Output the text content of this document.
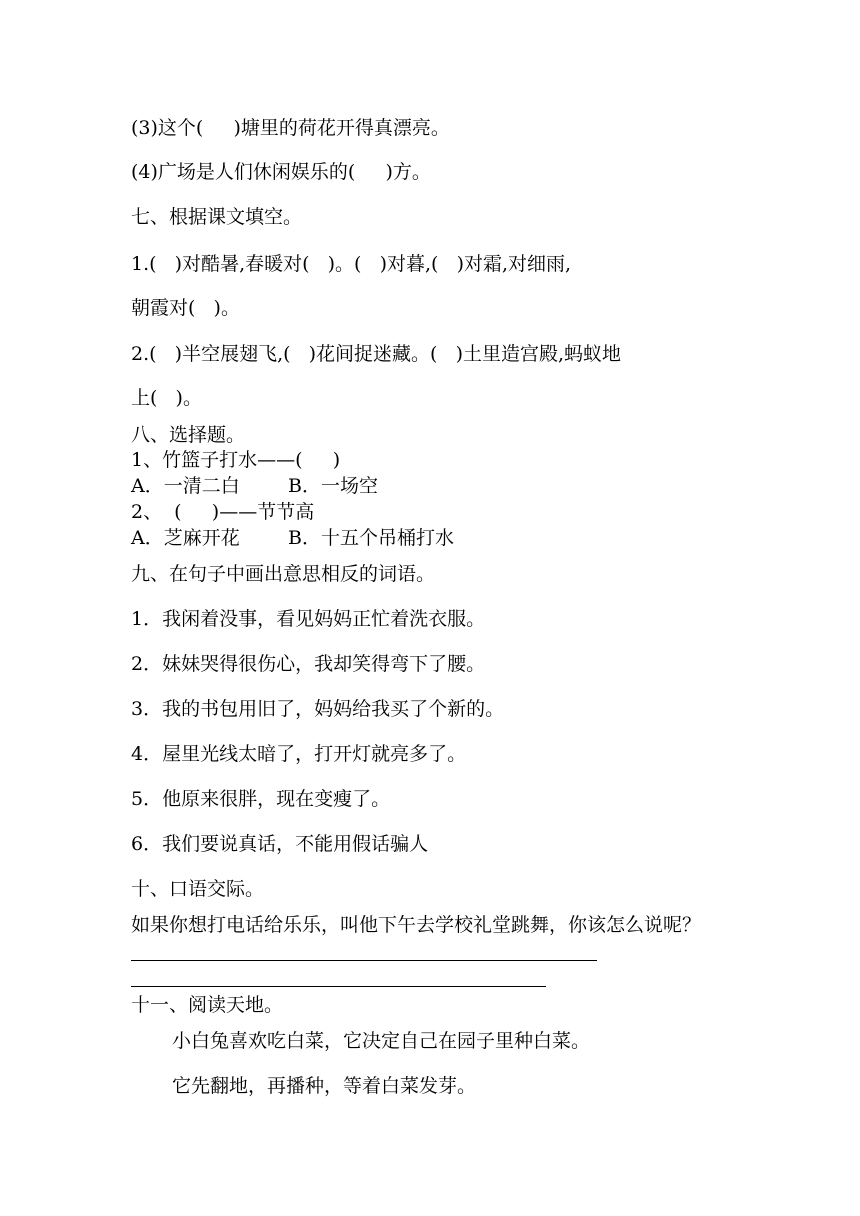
(3)这个(     )塘里的荷花开得真漂亮。

(4)广场是人们休闲娱乐的(     )方。

七、根据课文填空。

1.(   )对酷暑,春暖对(   )。(   )对暮,(   )对霜,对细雨,

朝霞对(   )。

2.(   )半空展翅飞,(   )花间捉迷藏。(   )土里造宫殿,蚂蚁地

上(   )。

八、选择题。

1、竹篮子打水——(     )

A．一清二白        B．一场空

2、  (     )——节节高

A．芝麻开花        B．十五个吊桶打水

九、在句子中画出意思相反的词语。

1．我闲着没事，看见妈妈正忙着洗衣服。

2．妹妹哭得很伤心，我却笑得弯下了腰。

3．我的书包用旧了，妈妈给我买了个新的。

4．屋里光线太暗了，打开灯就亮多了。

5．他原来很胖，现在变瘦了。

6．我们要说真话，不能用假话骗人

十、口语交际。

如果你想打电话给乐乐，叫他下午去学校礼堂跳舞，你该怎么说呢？

十一、阅读天地。

小白兔喜欢吃白菜，它决定自己在园子里种白菜。

它先翻地，再播种，等着白菜发芽。
